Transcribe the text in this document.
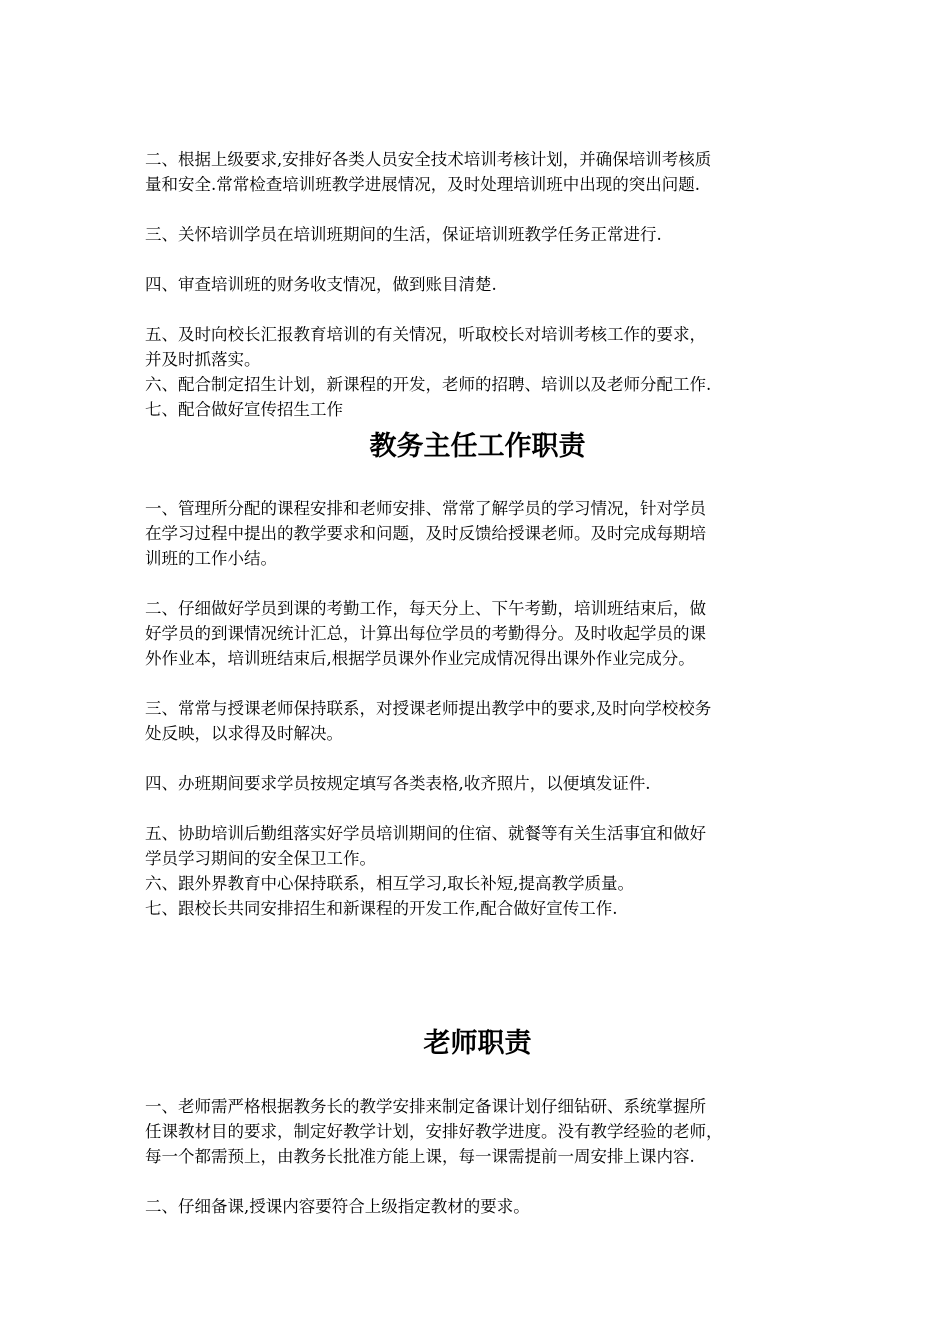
二、根据上级要求,安排好各类人员安全技术培训考核计划，并确保培训考核质
量和安全.常常检查培训班教学进展情况，及时处理培训班中出现的突出问题.

三、关怀培训学员在培训班期间的生活，保证培训班教学任务正常进行.

四、审查培训班的财务收支情况，做到账目清楚.

五、及时向校长汇报教育培训的有关情况，听取校长对培训考核工作的要求，
并及时抓落实。

六、配合制定招生计划，新课程的开发，老师的招聘、培训以及老师分配工作.

七、配合做好宣传招生工作

教务主任工作职责

一、管理所分配的课程安排和老师安排、常常了解学员的学习情况，针对学员
在学习过程中提出的教学要求和问题，及时反馈给授课老师。及时完成每期培
训班的工作小结。

二、仔细做好学员到课的考勤工作，每天分上、下午考勤，培训班结束后，做
好学员的到课情况统计汇总，计算出每位学员的考勤得分。及时收起学员的课
外作业本，培训班结束后,根据学员课外作业完成情况得出课外作业完成分。

三、常常与授课老师保持联系，对授课老师提出教学中的要求,及时向学校校务
处反映，以求得及时解决。

四、办班期间要求学员按规定填写各类表格,收齐照片，以便填发证件.

五、协助培训后勤组落实好学员培训期间的住宿、就餐等有关生活事宜和做好
学员学习期间的安全保卫工作。

六、跟外界教育中心保持联系，相互学习,取长补短,提高教学质量。

七、跟校长共同安排招生和新课程的开发工作,配合做好宣传工作.

老师职责

一、老师需严格根据教务长的教学安排来制定备课计划仔细钻研、系统掌握所
任课教材目的要求，制定好教学计划，安排好教学进度。没有教学经验的老师，
每一个都需预上，由教务长批准方能上课，每一课需提前一周安排上课内容.

二、仔细备课,授课内容要符合上级指定教材的要求。
